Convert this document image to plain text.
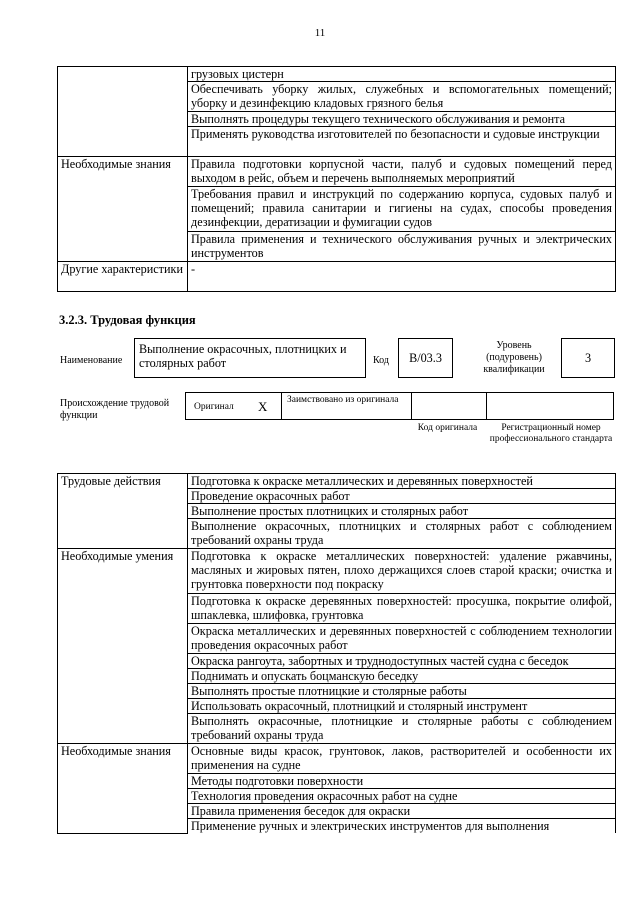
11
	грузовых цистерн
	Обеспечивать уборку жилых, служебных и вспомогательных помещений; уборку и дезинфекцию кладовых грязного белья
	Выполнять процедуры текущего технического обслуживания и ремонта
	Применять руководства изготовителей по безопасности и судовые инструкции
Необходимые знания	Правила подготовки корпусной части, палуб и судовых помещений перед выходом в рейс, объем и перечень выполняемых мероприятий
	Требования правил и инструкций по содержанию корпуса, судовых палуб и помещений; правила санитарии и гигиены на судах, способы проведения дезинфекции, дератизации и фумигации судов
	Правила применения и технического обслуживания ручных и электрических инструментов
Другие характеристики	-
3.2.3. Трудовая функция
Наименование
Выполнение окрасочных, плотницких и столярных работ	Код	В/03.3
Уровень (подуровень) квалификации
3
Происхождение трудовой функции
Оригинал X Заимствовано из оригинала
Код оригинала	Регистрационный номер профессионального стандарта
Трудовые действия	Подготовка к окраске металлических и деревянных поверхностей
	Проведение окрасочных работ
	Выполнение простых плотницких и столярных работ
	Выполнение окрасочных, плотницких и столярных работ с соблюдением требований охраны труда
Необходимые умения	Подготовка к окраске металлических поверхностей: удаление ржавчины, масляных и жировых пятен, плохо держащихся слоев старой краски; очистка и грунтовка поверхности под покраску
	Подготовка к окраске деревянных поверхностей: просушка, покрытие олифой, шпаклевка, шлифовка, грунтовка
	Окраска металлических и деревянных поверхностей с соблюдением технологии проведения окрасочных работ
	Окраска рангоута, забортных и труднодоступных частей судна с беседок
	Поднимать и опускать боцманскую беседку
	Выполнять простые плотницкие и столярные работы
	Использовать окрасочный, плотницкий и столярный инструмент
	Выполнять окрасочные, плотницкие и столярные работы с соблюдением требований охраны труда
Необходимые знания	Основные виды красок, грунтовок, лаков, растворителей и особенности их применения на судне
	Методы подготовки поверхности
	Технология проведения окрасочных работ на судне
	Правила применения беседок для окраски
	Применение ручных и электрических инструментов для выполнения
